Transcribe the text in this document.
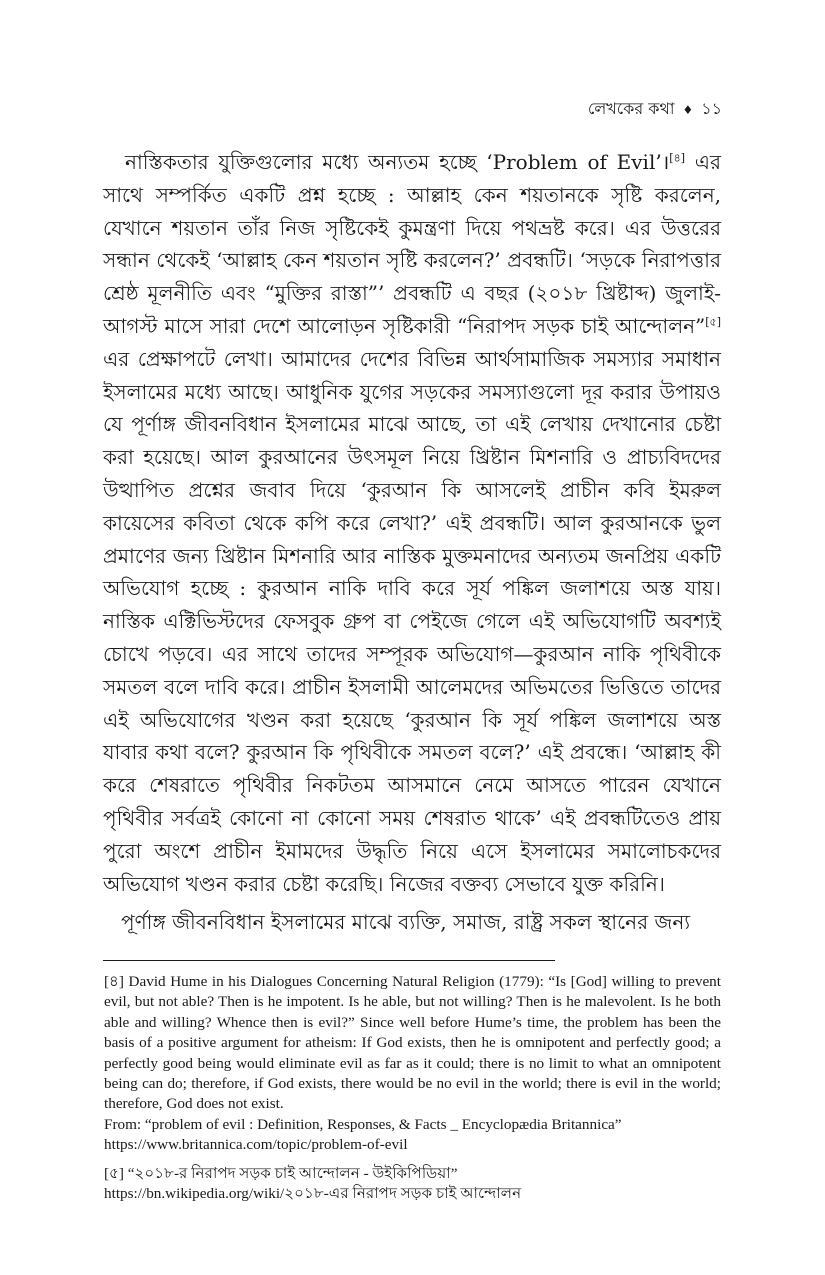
লেখকের কথা ♦ ১১

নাস্তিকতার যুক্তিগুলোর মধ্যে অন্যতম হচ্ছে ‘Problem of Evil’।[৪] এর সাথে সম্পর্কিত একটি প্রশ্ন হচ্ছে : আল্লাহ কেন শয়তানকে সৃষ্টি করলেন, যেখানে শয়তান তাঁর নিজ সৃষ্টিকেই কুমন্ত্রণা দিয়ে পথভ্রষ্ট করে। এর উত্তরের সন্ধান থেকেই ‘আল্লাহ কেন শয়তান সৃষ্টি করলেন?’ প্রবন্ধটি। ‘সড়কে নিরাপত্তার শ্রেষ্ঠ মূলনীতি এবং “মুক্তির রাস্তা”’ প্রবন্ধটি এ বছর (২০১৮ খ্রিষ্টাব্দ) জুলাই-আগস্ট মাসে সারা দেশে আলোড়ন সৃষ্টিকারী “নিরাপদ সড়ক চাই আন্দোলন”[৫] এর প্রেক্ষাপটে লেখা। আমাদের দেশের বিভিন্ন আর্থসামাজিক সমস্যার সমাধান ইসলামের মধ্যে আছে। আধুনিক যুগের সড়কের সমস্যাগুলো দূর করার উপায়ও যে পূর্ণাঙ্গ জীবনবিধান ইসলামের মাঝে আছে, তা এই লেখায় দেখানোর চেষ্টা করা হয়েছে। আল কুরআনের উৎসমূল নিয়ে খ্রিষ্টান মিশনারি ও প্রাচ্যবিদদের উত্থাপিত প্রশ্নের জবাব দিয়ে ‘কুরআন কি আসলেই প্রাচীন কবি ইমরুল কায়েসের কবিতা থেকে কপি করে লেখা?’ এই প্রবন্ধটি। আল কুরআনকে ভুল প্রমাণের জন্য খ্রিষ্টান মিশনারি আর নাস্তিক মুক্তমনাদের অন্যতম জনপ্রিয় একটি অভিযোগ হচ্ছে : কুরআন নাকি দাবি করে সূর্য পঙ্কিল জলাশয়ে অস্ত যায়। নাস্তিক এক্টিভিস্টদের ফেসবুক গ্রুপ বা পেইজে গেলে এই অভিযোগটি অবশ্যই চোখে পড়বে। এর সাথে তাদের সম্পূরক অভিযোগ—কুরআন নাকি পৃথিবীকে সমতল বলে দাবি করে। প্রাচীন ইসলামী আলেমদের অভিমতের ভিত্তিতে তাদের এই অভিযোগের খণ্ডন করা হয়েছে ‘কুরআন কি সূর্য পঙ্কিল জলাশয়ে অস্ত যাবার কথা বলে? কুরআন কি পৃথিবীকে সমতল বলে?’ এই প্রবন্ধে। ‘আল্লাহ কী করে শেষরাতে পৃথিবীর নিকটতম আসমানে নেমে আসতে পারেন যেখানে পৃথিবীর সর্বত্রই কোনো না কোনো সময় শেষরাত থাকে’ এই প্রবন্ধটিতেও প্রায় পুরো অংশে প্রাচীন ইমামদের উদ্ধৃতি নিয়ে এসে ইসলামের সমালোচকদের অভিযোগ খণ্ডন করার চেষ্টা করেছি। নিজের বক্তব্য সেভাবে যুক্ত করিনি।

পূর্ণাঙ্গ জীবনবিধান ইসলামের মাঝে ব্যক্তি, সমাজ, রাষ্ট্র সকল স্থানের জন্য

[৪] David Hume in his Dialogues Concerning Natural Religion (1779): “Is [God] willing to prevent evil, but not able? Then is he impotent. Is he able, but not willing? Then is he malevolent. Is he both able and willing? Whence then is evil?” Since well before Hume’s time, the problem has been the basis of a positive argument for atheism: If God exists, then he is omnipotent and perfectly good; a perfectly good being would eliminate evil as far as it could; there is no limit to what an omnipotent being can do; therefore, if God exists, there would be no evil in the world; there is evil in the world; therefore, God does not exist.

From: “problem of evil : Definition, Responses, & Facts _ Encyclopædia Britannica”

https://www.britannica.com/topic/problem-of-evil

[৫] “২০১৮-র নিরাপদ সড়ক চাই আন্দোলন - উইকিপিডিয়া”

https://bn.wikipedia.org/wiki/২০১৮-এর নিরাপদ সড়ক চাই আন্দোলন
